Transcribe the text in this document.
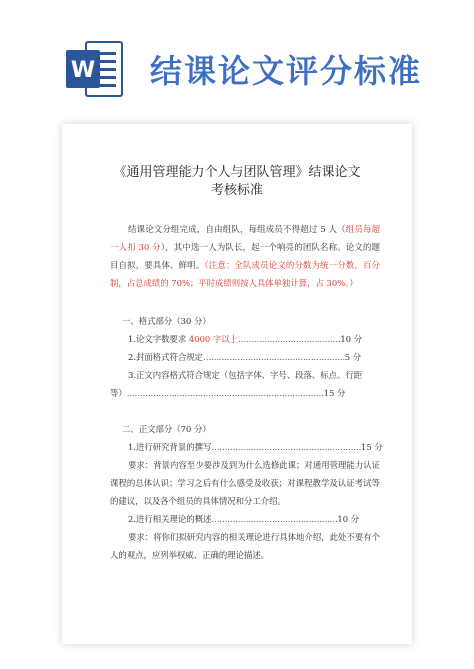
W 结课论文评分标准

《通用管理能力个人与团队管理》结课论文
考核标准
结课论文分组完成，自由组队，每组成员不得超过 5 人（组员每超一人扣 30 分），其中选一人为队长，起一个响亮的团队名称。论文的题目自拟，要具体、鲜明。（注意：全队成员论文的分数为统一分数，百分制，占总成绩的 70%；平时成绩则按人具体单独计算，占 30%。）
一、格式部分（30 分）
1.论文字数要求 4000 字以上…………………………………10 分
2.封面格式符合规定………………………………………………5 分
3.正文内容格式符合规定（包括字体、字号、段落、标点、行距
等）…………………………………………………………………15 分
二、正文部分（70 分）
1.进行研究背景的撰写…………………………………………………15 分
要求：背景内容至少要涉及到为什么选修此课；对通用管理能力认证课程的总体认识；学习之后有什么感受及收获；对课程教学及认证考试等的建议，以及各个组员的具体情况和分工介绍。
2.进行相关理论的概述…………………………………………10 分
要求：将你们拟研究内容的相关理论进行具体地介绍，此处不要有个人的观点，应列举权威、正确的理论描述。
